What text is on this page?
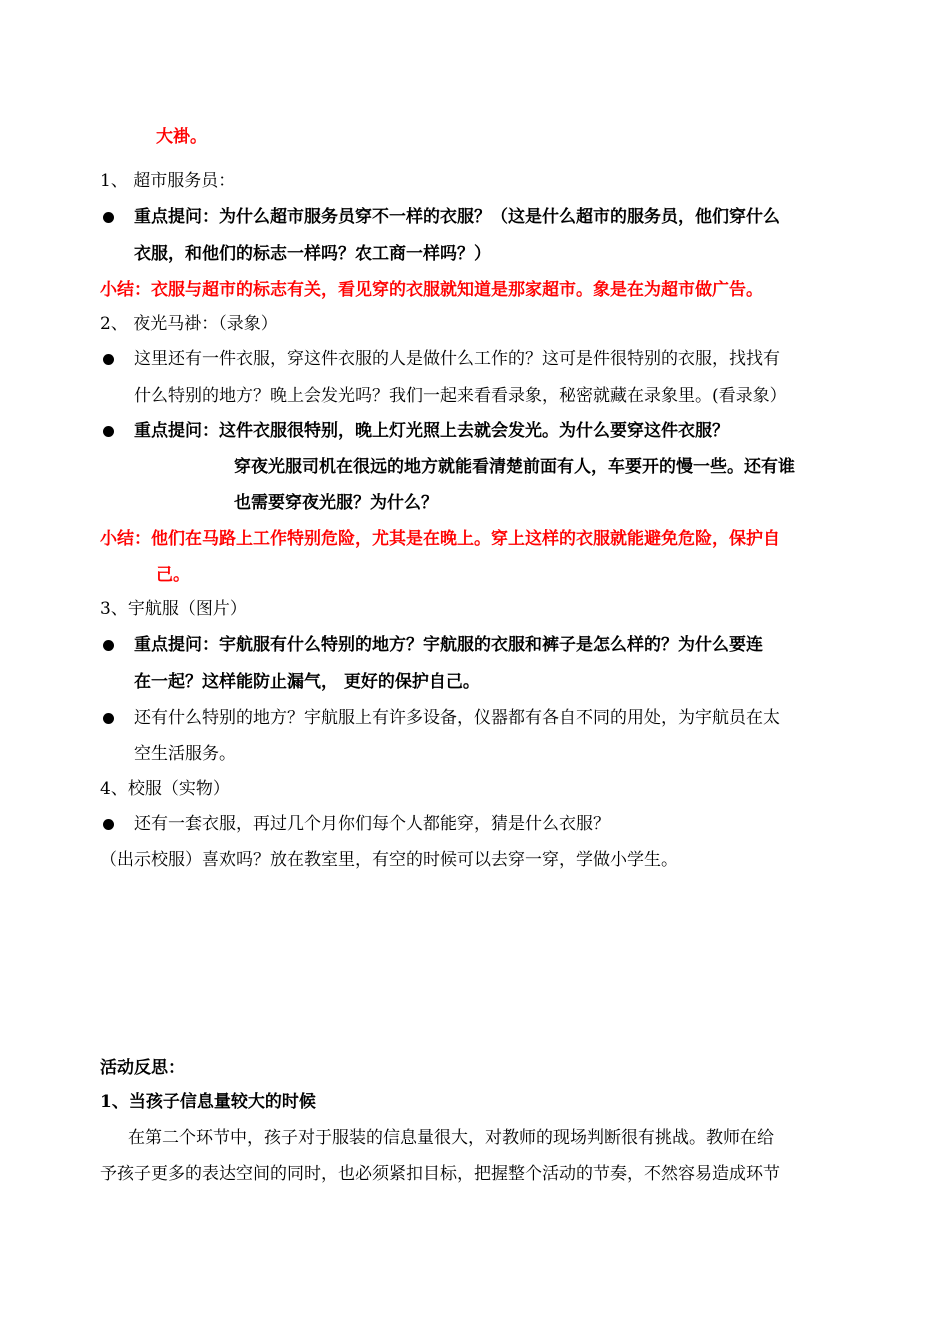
大褂。
1、 超市服务员：
重点提问：为什么超市服务员穿不一样的衣服？（这是什么超市的服务员，他们穿什么
衣服，和他们的标志一样吗？农工商一样吗？）
小结：衣服与超市的标志有关，看见穿的衣服就知道是那家超市。象是在为超市做广告。
2、 夜光马褂：（录象）
这里还有一件衣服，穿这件衣服的人是做什么工作的？这可是件很特别的衣服，找找有
什么特别的地方？晚上会发光吗？我们一起来看看录象，秘密就藏在录象里。(看录象）
重点提问：这件衣服很特别，晚上灯光照上去就会发光。为什么要穿这件衣服？
穿夜光服司机在很远的地方就能看清楚前面有人，车要开的慢一些。还有谁
也需要穿夜光服？为什么？
小结：他们在马路上工作特别危险，尤其是在晚上。穿上这样的衣服就能避免危险，保护自
己。
3、宇航服（图片）
重点提问：宇航服有什么特别的地方？宇航服的衣服和裤子是怎么样的？为什么要连
在一起？这样能防止漏气， 更好的保护自己。
还有什么特别的地方？宇航服上有许多设备，仪器都有各自不同的用处，为宇航员在太
空生活服务。
4、校服（实物）
还有一套衣服，再过几个月你们每个人都能穿，猜是什么衣服？
（出示校服）喜欢吗？放在教室里，有空的时候可以去穿一穿，学做小学生。
活动反思：
1、当孩子信息量较大的时候
在第二个环节中，孩子对于服装的信息量很大，对教师的现场判断很有挑战。教师在给
予孩子更多的表达空间的同时，也必须紧扣目标，把握整个活动的节奏，不然容易造成环节
